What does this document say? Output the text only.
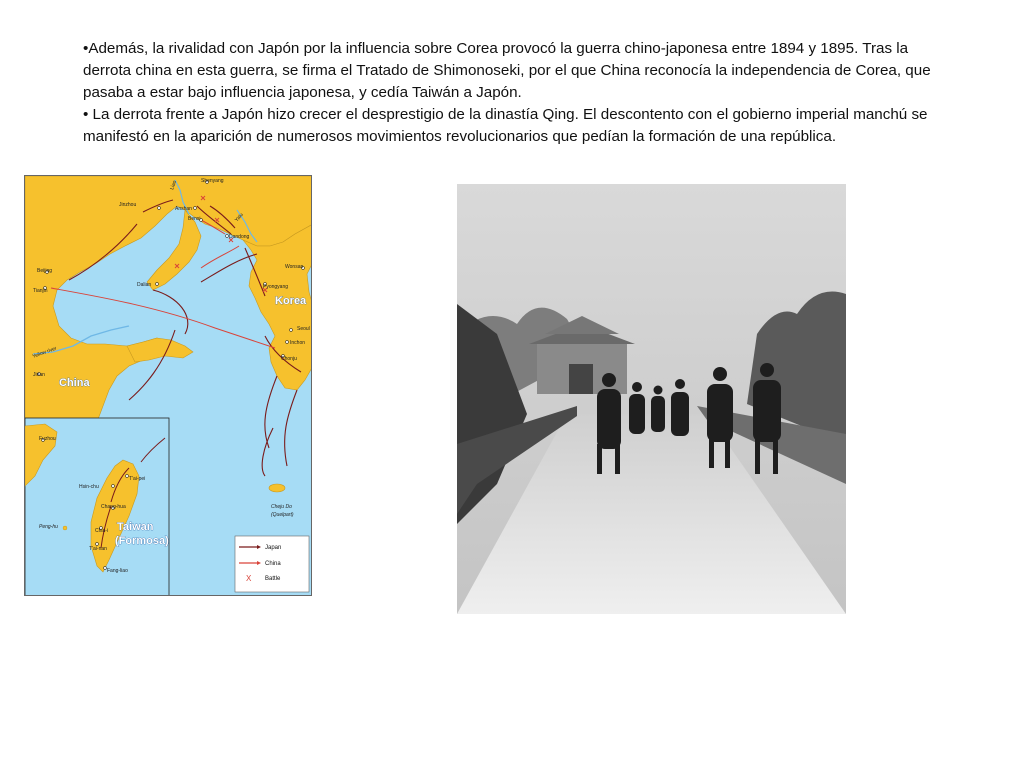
•Además, la rivalidad con Japón por la influencia sobre Corea provocó la guerra chino-japonesa entre 1894 y 1895. Tras la derrota china en esta guerra, se firma el Tratado de Shimonoseki, por el que China reconocía la independencia de Corea, que pasaba a estar bajo influencia japonesa, y cedía Taiwán a Japón.

• La derrota frente a Japón hizo crecer el desprestigio de la dinastía Qing. El descontento con el gobierno imperial manchú se manifestó en la aparición de numerosos movimientos revolucionarios que pedían la formación de una república.

Shenyang
Jinzhou
Anshan
Benxi
Dandong
Liao
Yalu
Beijing
Tianjin
Dalian
Wonsan
Pyongyang
Korea
Seoul
Inchon
Chonju
Yellow river
Jinan
China
Fuzhou
Hsin-chu
T'ai-pei
Chang-hua
Peng-hu
Chia-i
T'ai-nan
Fang-liao
Taiwan
(Formosa)
Cheju Do
(Quelpart)
Japan
China
X Battle
